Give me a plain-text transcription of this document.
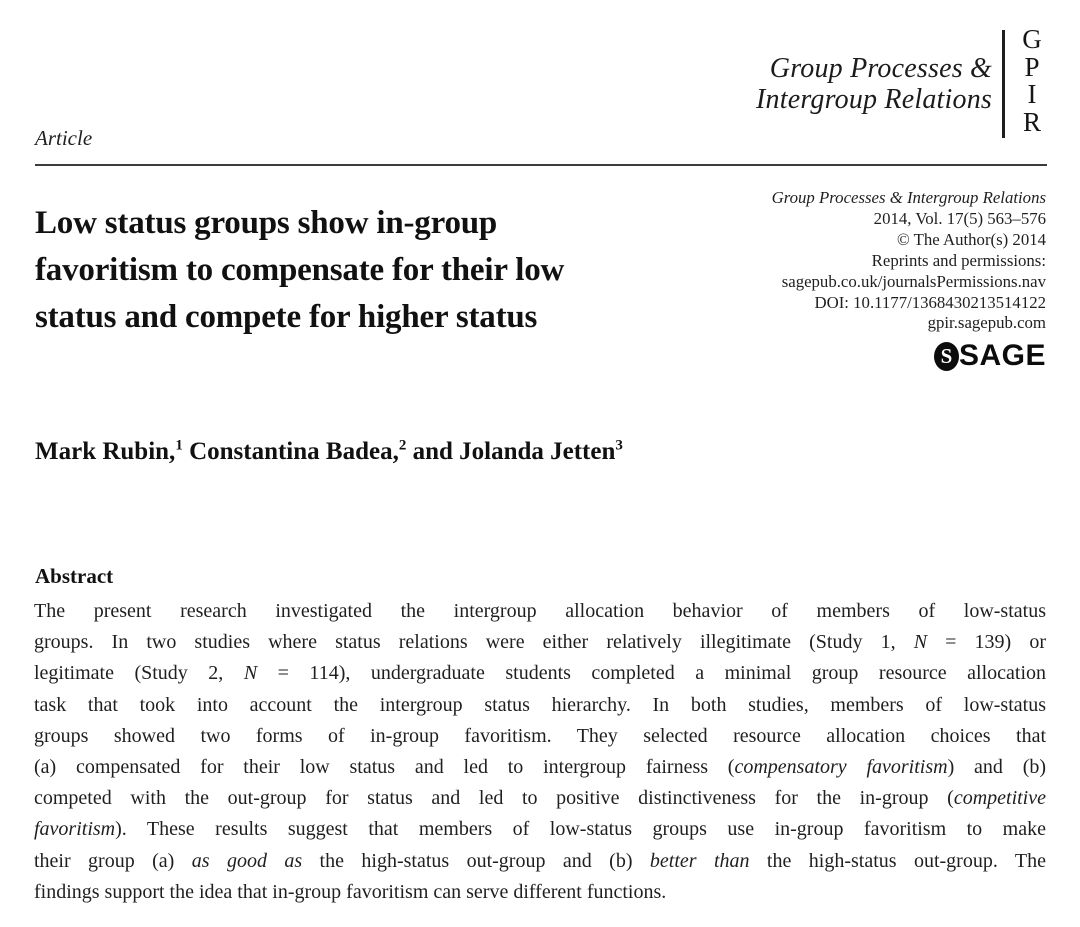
Group Processes &
Intergroup Relations
G
P
I
R
Article
Low status groups show in-group
favoritism to compensate for their low
status and compete for higher status
Group Processes & Intergroup Relations
2014, Vol. 17(5) 563–576
© The Author(s) 2014
Reprints and permissions:
sagepub.co.uk/journalsPermissions.nav
DOI: 10.1177/1368430213514122
gpir.sagepub.com
S SAGE
Mark Rubin,$^1$ Constantina Badea,$^2$ and Jolanda Jetten$^3$
Abstract
The present research investigated the intergroup allocation behavior of members of low-status
groups. In two studies where status relations were either relatively illegitimate (Study 1, N = 139) or
legitimate (Study 2, N = 114), undergraduate students completed a minimal group resource allocation
task that took into account the intergroup status hierarchy. In both studies, members of low-status
groups showed two forms of in-group favoritism. They selected resource allocation choices that
(a) compensated for their low status and led to intergroup fairness (compensatory favoritism) and (b)
competed with the out-group for status and led to positive distinctiveness for the in-group (competitive
favoritism). These results suggest that members of low-status groups use in-group favoritism to make
their group (a) as good as the high-status out-group and (b) better than the high-status out-group. The
findings support the idea that in-group favoritism can serve different functions.
